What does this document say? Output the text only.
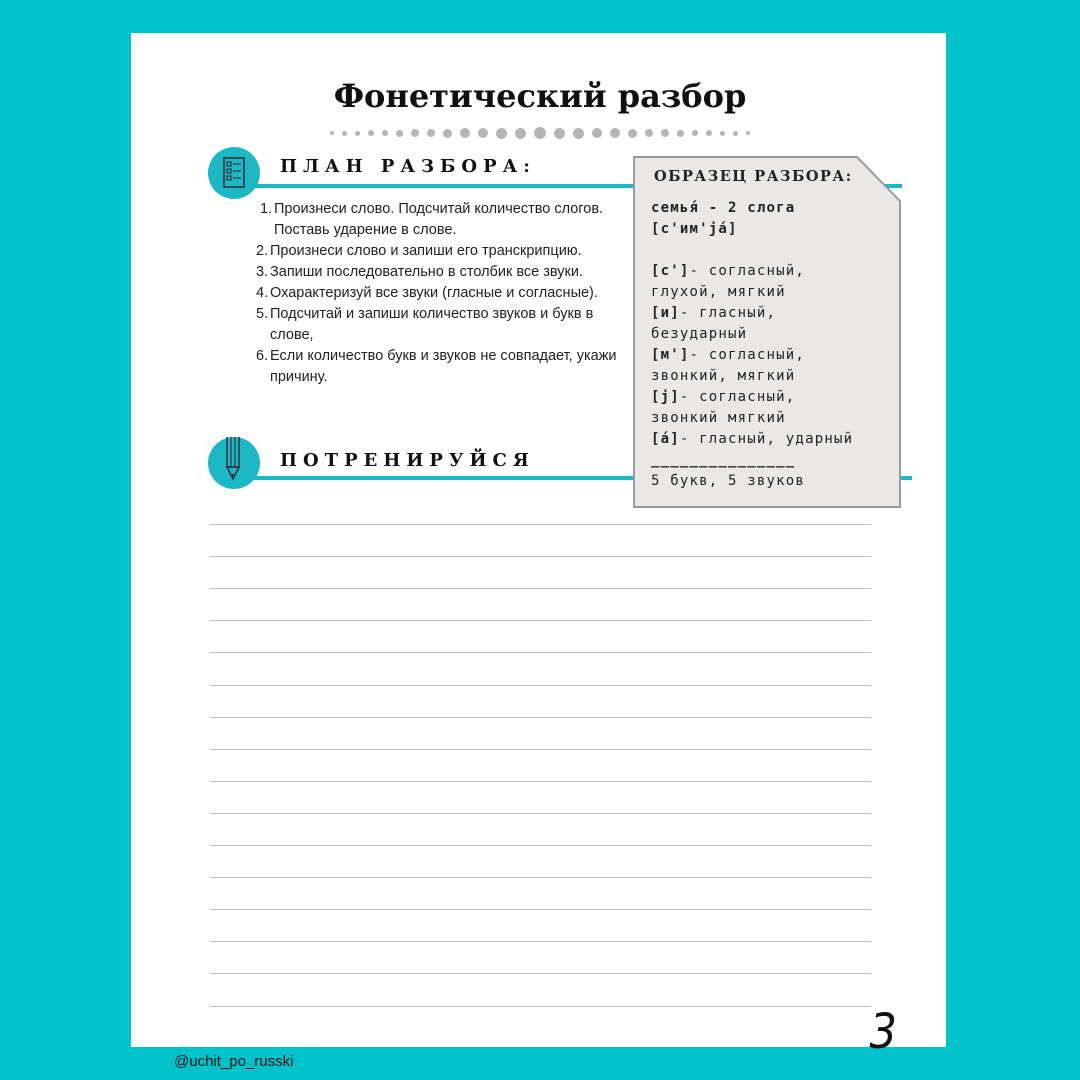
Фонетический разбор
ПЛАН РАЗБОРА:
1. Произнеси слово. Подсчитай количество слогов. Поставь ударение в слове.
2. Произнеси слово и запиши его транскрипцию.
3. Запиши последовательно в столбик все звуки.
4. Охарактеризуй все звуки (гласные и согласные).
5. Подсчитай и запиши количество звуков и букв в слове,
6. Если количество букв и звуков не совпадает, укажи причину.
ПОТРЕНИРУЙСЯ
ОБРАЗЕЦ РАЗБОРА:
семья́ - 2 слога
[с'им'ја́]
[с']- согласный,
глухой, мягкий
[и]- гласный,
безударный
[м']- согласный,
звонкий, мягкий
[ј]- согласный,
звонкий мягкий
[а́]- гласный, ударный
_______________
5 букв, 5 звуков
3
@uchit_po_russki
